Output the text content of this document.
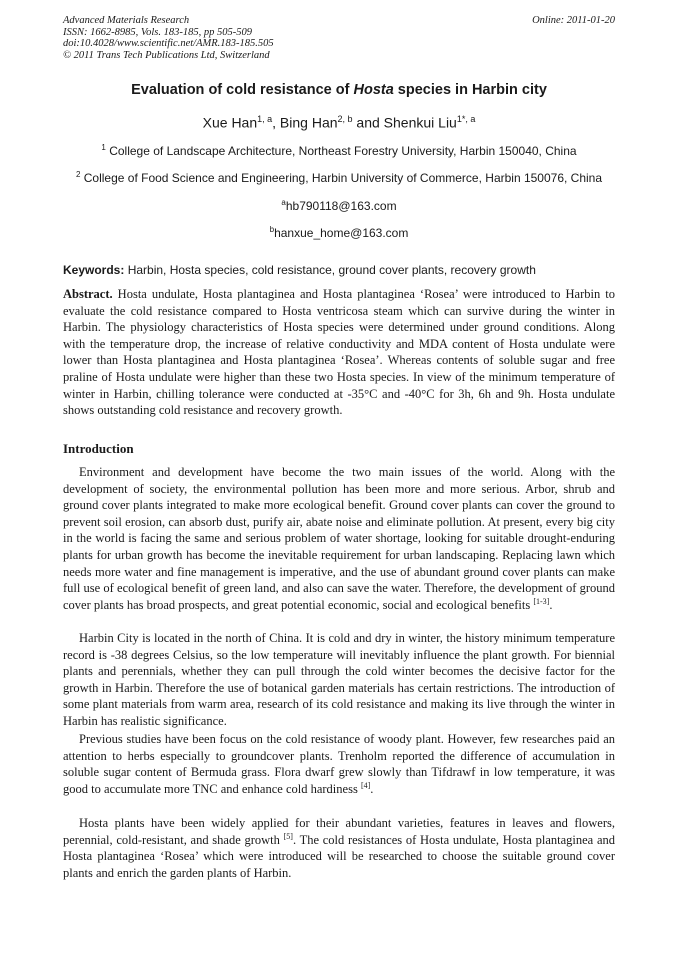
Advanced Materials Research
ISSN: 1662-8985, Vols. 183-185, pp 505-509
doi:10.4028/www.scientific.net/AMR.183-185.505
© 2011 Trans Tech Publications Ltd, Switzerland
Online: 2011-01-20
Evaluation of cold resistance of Hosta species in Harbin city
Xue Han$^{1, a}$, Bing Han$^{2, b}$ and Shenkui Liu$^{1*, a}$
$^1$ College of Landscape Architecture, Northeast Forestry University, Harbin 150040, China
$^2$ College of Food Science and Engineering, Harbin University of Commerce, Harbin 150076, China
$^a$hb790118@163.com
$^b$hanxue_home@163.com
Keywords: Harbin, Hosta species, cold resistance, ground cover plants, recovery growth
Abstract. Hosta undulate, Hosta plantaginea and Hosta plantaginea ‘Rosea’ were introduced to Harbin to evaluate the cold resistance compared to Hosta ventricosa steam which can survive during the winter in Harbin. The physiology characteristics of Hosta species were determined under ground conditions. Along with the temperature drop, the increase of relative conductivity and MDA content of Hosta undulate were lower than Hosta plantaginea and Hosta plantaginea ‘Rosea’. Whereas contents of soluble sugar and free praline of Hosta undulate were higher than these two Hosta species. In view of the minimum temperature of winter in Harbin, chilling tolerance were conducted at -35°C and -40°C for 3h, 6h and 9h. Hosta undulate shows outstanding cold resistance and recovery growth.
Introduction
Environment and development have become the two main issues of the world. Along with the development of society, the environmental pollution has been more and more serious. Arbor, shrub and ground cover plants integrated to make more ecological benefit. Ground cover plants can cover the ground to prevent soil erosion, can absorb dust, purify air, abate noise and eliminate pollution. At present, every big city in the world is facing the same and serious problem of water shortage, looking for suitable drought-enduring plants for urban growth has become the inevitable requirement for urban landscaping. Replacing lawn which needs more water and fine management is imperative, and the use of abundant ground cover plants can make full use of ecological benefit of green land, and also can save the water. Therefore, the development of ground cover plants has broad prospects, and great potential economic, social and ecological benefits [1-3].
Harbin City is located in the north of China. It is cold and dry in winter, the history minimum temperature record is -38 degrees Celsius, so the low temperature will inevitably influence the plant growth. For biennial plants and perennials, whether they can pull through the cold winter becomes the decisive factor for the growth in Harbin. Therefore the use of botanical garden materials has certain restrictions. The introduction of some plant materials from warm area, research of its cold resistance and making its live through the winter in Harbin has realistic significance.
Previous studies have been focus on the cold resistance of woody plant. However, few researches paid an attention to herbs especially to groundcover plants. Trenholm reported the difference of accumulation in soluble sugar content of Bermuda grass. Flora dwarf grew slowly than Tifdrawf in low temperature, it was good to accumulate more TNC and enhance cold hardiness [4].
Hosta plants have been widely applied for their abundant varieties, features in leaves and flowers, perennial, cold-resistant, and shade growth [5]. The cold resistances of Hosta undulate, Hosta plantaginea and Hosta plantaginea ‘Rosea’ which were introduced will be researched to choose the suitable ground cover plants and enrich the garden plants of Harbin.
